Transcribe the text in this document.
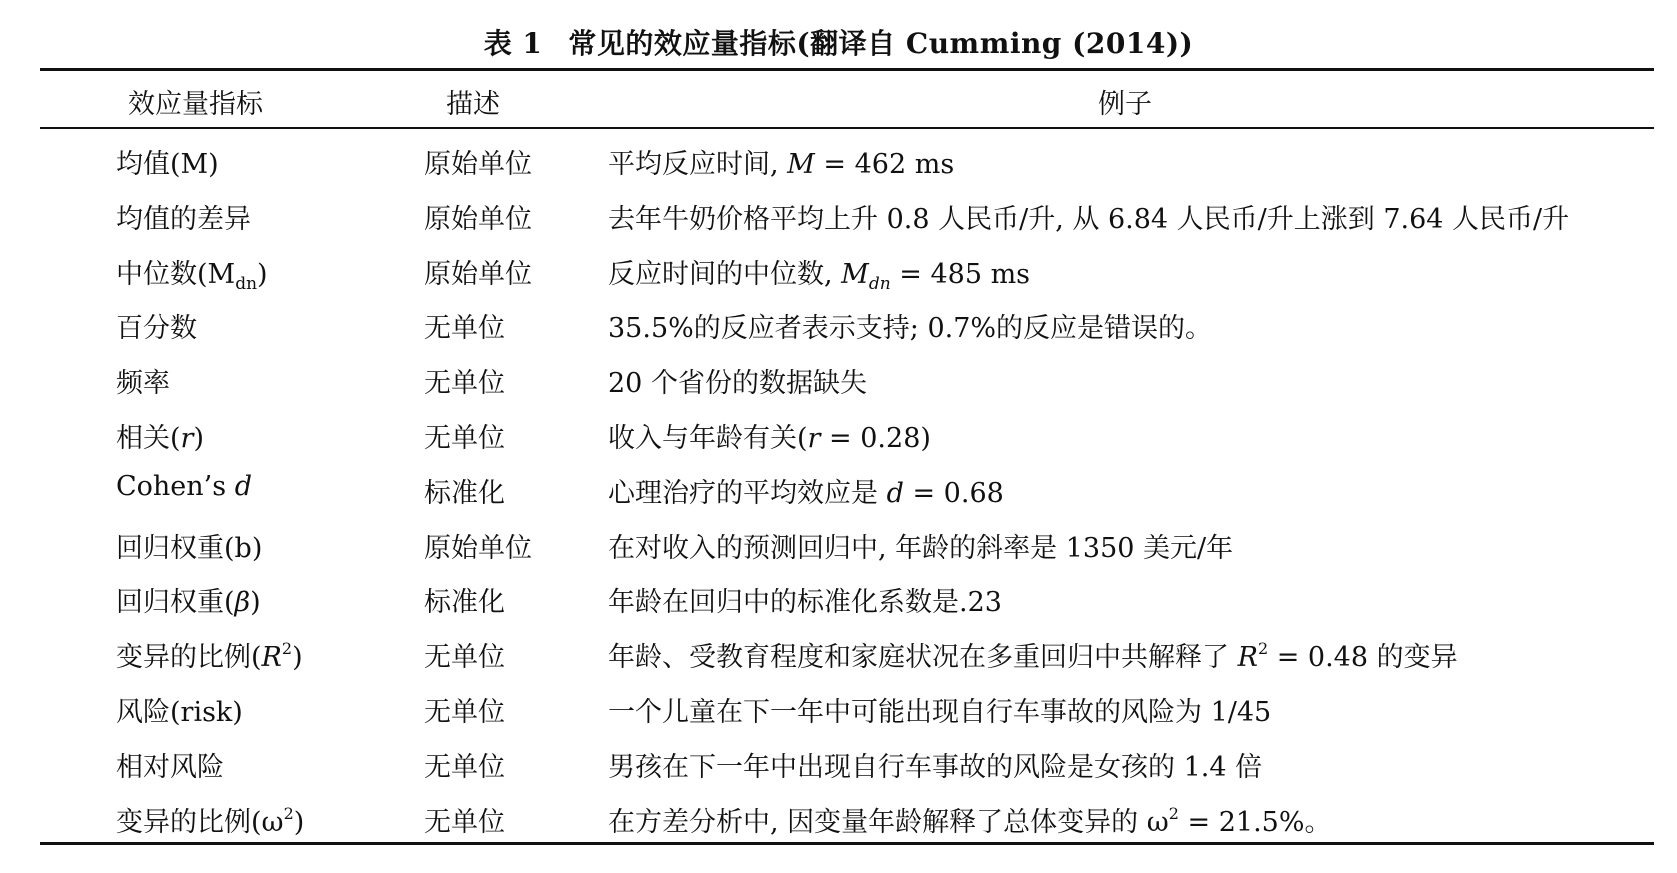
表 1 常见的效应量指标(翻译自 Cumming (2014))
效应量指标	描述	例子
均值(M)	原始单位	平均反应时间, M = 462 ms
均值的差异	原始单位	去年牛奶价格平均上升 0.8 人民币/升, 从 6.84 人民币/升上涨到 7.64 人民币/升
中位数$(M_{dn})$	原始单位	反应时间的中位数, $M_{dn} = 485$ ms
百分数	无单位	35.5%的反应者表示支持; 0.7%的反应是错误的。
频率	无单位	20 个省份的数据缺失
相关(r)	无单位	收入与年龄有关(r = 0.28)
Cohen’s d	标准化	心理治疗的平均效应是 d = 0.68
回归权重(b)	原始单位	在对收入的预测回归中, 年龄的斜率是 1350 美元/年
回归权重(β)	标准化	年龄在回归中的标准化系数是.23
变异的比例$(R^2)$	无单位	年龄、受教育程度和家庭状况在多重回归中共解释了 $R^2 = 0.48$ 的变异
风险(risk)	无单位	一个儿童在下一年中可能出现自行车事故的风险为 1/45
相对风险	无单位	男孩在下一年中出现自行车事故的风险是女孩的 1.4 倍
变异的比例$(\omega^2)$	无单位	在方差分析中, 因变量年龄解释了总体变异的 $\omega^2 = 21.5\%$。
